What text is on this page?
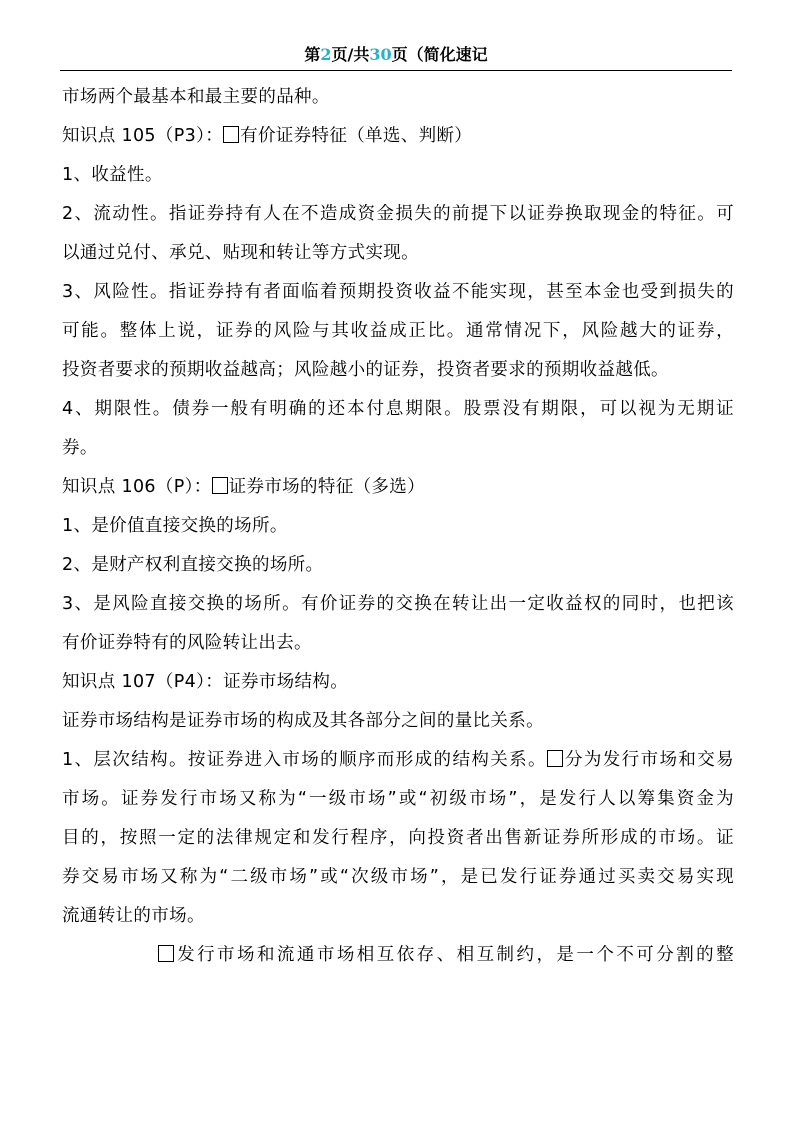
第2页/共30页（简化速记
市场两个最基本和最主要的品种。
知识点 105（P3）： 有价证券特征（单选、判断）
1、收益性。
2、流动性。指证券持有人在不造成资金损失的前提下以证券换取现金的特征。可
以通过兑付、承兑、贴现和转让等方式实现。
3、风险性。指证券持有者面临着预期投资收益不能实现，甚至本金也受到损失的
可能。整体上说，证券的风险与其收益成正比。通常情况下，风险越大的证券，
投资者要求的预期收益越高；风险越小的证券，投资者要求的预期收益越低。
4、期限性。债券一般有明确的还本付息期限。股票没有期限，可以视为无期证
券。
知识点 106（P）： 证券市场的特征（多选）
1、是价值直接交换的场所。
2、是财产权利直接交换的场所。
3、是风险直接交换的场所。有价证券的交换在转让出一定收益权的同时，也把该
有价证券特有的风险转让出去。
知识点 107（P4）：证券市场结构。
证券市场结构是证券市场的构成及其各部分之间的量比关系。
1、层次结构。按证券进入市场的顺序而形成的结构关系。 分为发行市场和交易
市场。证券发行市场又称为“一级市场”或“初级市场”，是发行人以筹集资金为
目的，按照一定的法律规定和发行程序，向投资者出售新证券所形成的市场。证
券交易市场又称为“二级市场”或“次级市场”，是已发行证券通过买卖交易实现
流通转让的市场。
发行市场和流通市场相互依存、相互制约，是一个不可分割的整
